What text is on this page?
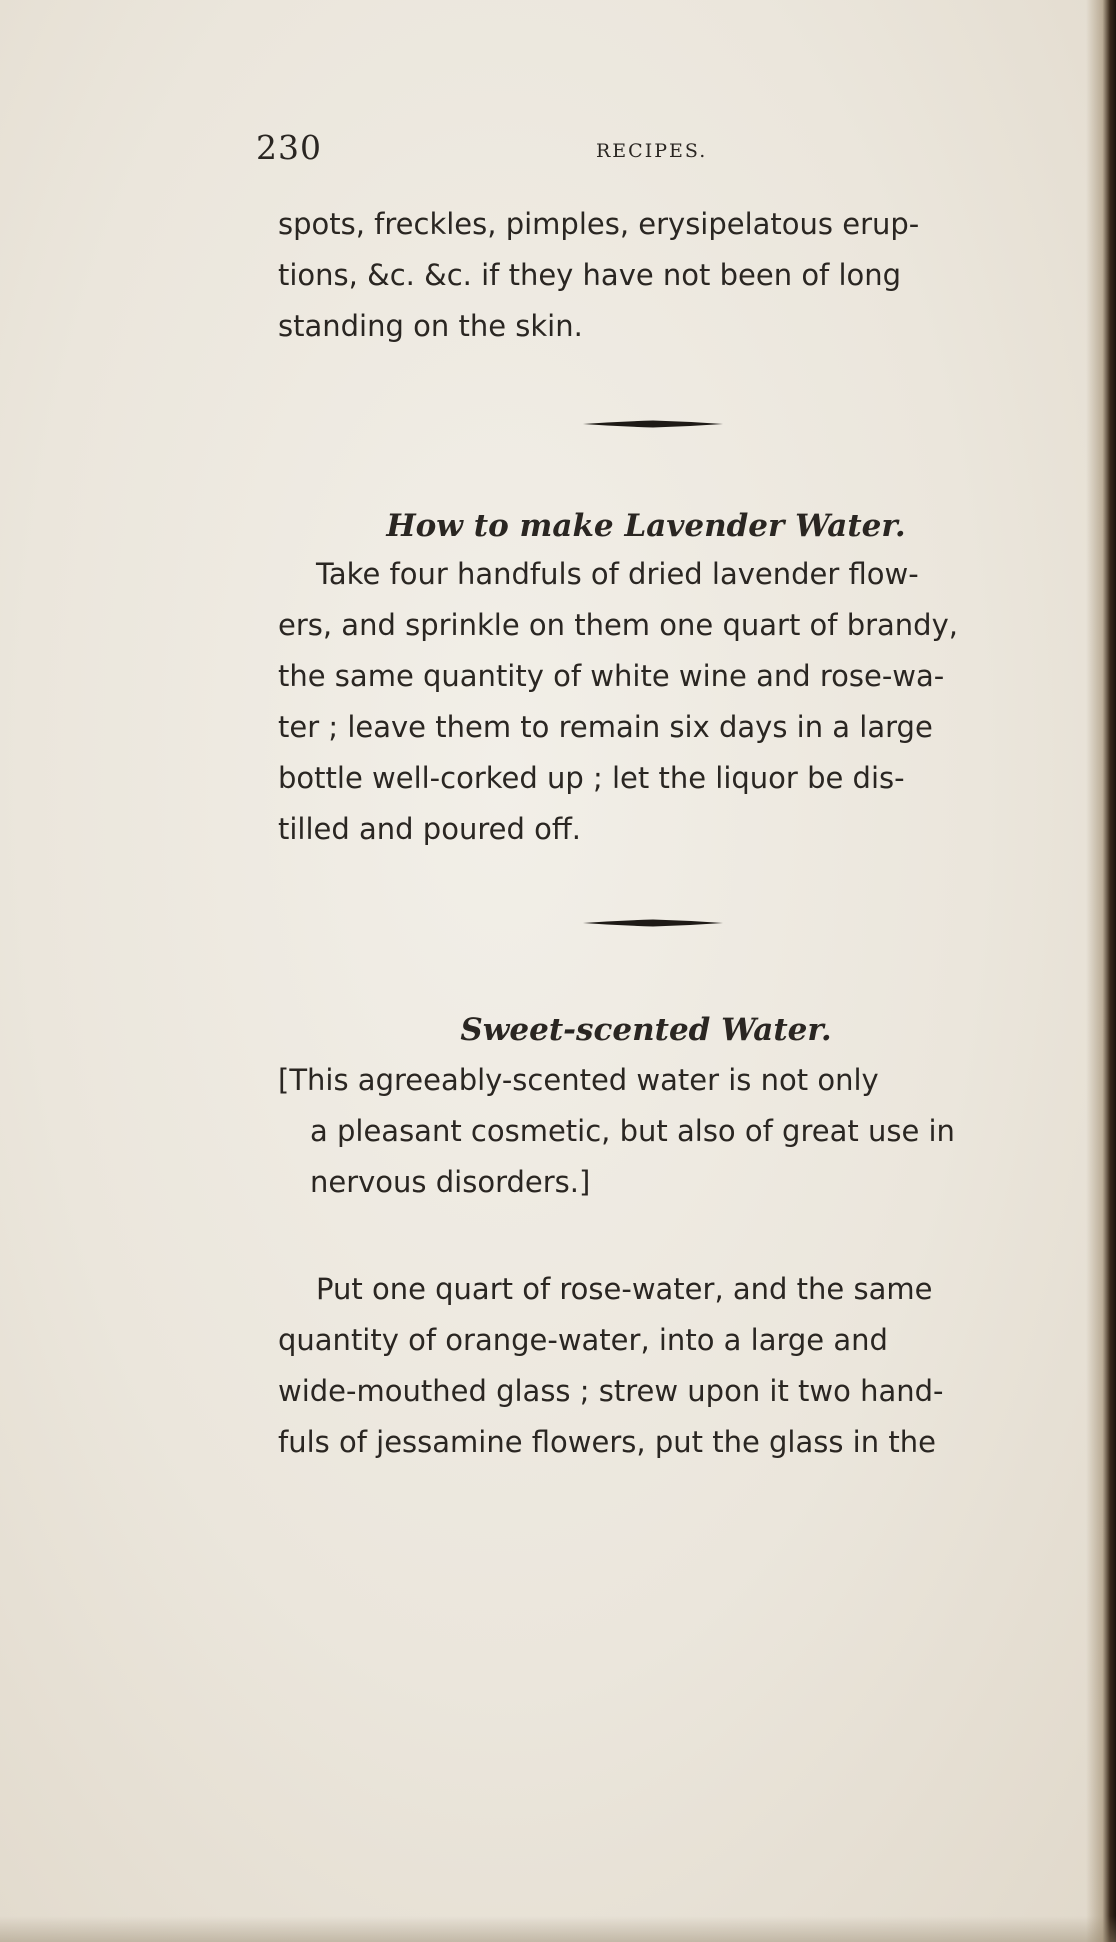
230	RECIPES.
spots, freckles, pimples, erysipelatous erup-
tions, &c. &c. if they have not been of long
standing on the skin.
How to make Lavender Water.
Take four handfuls of dried lavender flow-
ers, and sprinkle on them one quart of brandy,
the same quantity of white wine and rose-wa-
ter ; leave them to remain six days in a large
bottle well-corked up ; let the liquor be dis-
tilled and poured off.
Sweet-scented Water.
[This agreeably-scented water is not only
a pleasant cosmetic, but also of great use in
nervous disorders.]
Put one quart of rose-water, and the same
quantity of orange-water, into a large and
wide-mouthed glass ; strew upon it two hand-
fuls of jessamine flowers, put the glass in the
